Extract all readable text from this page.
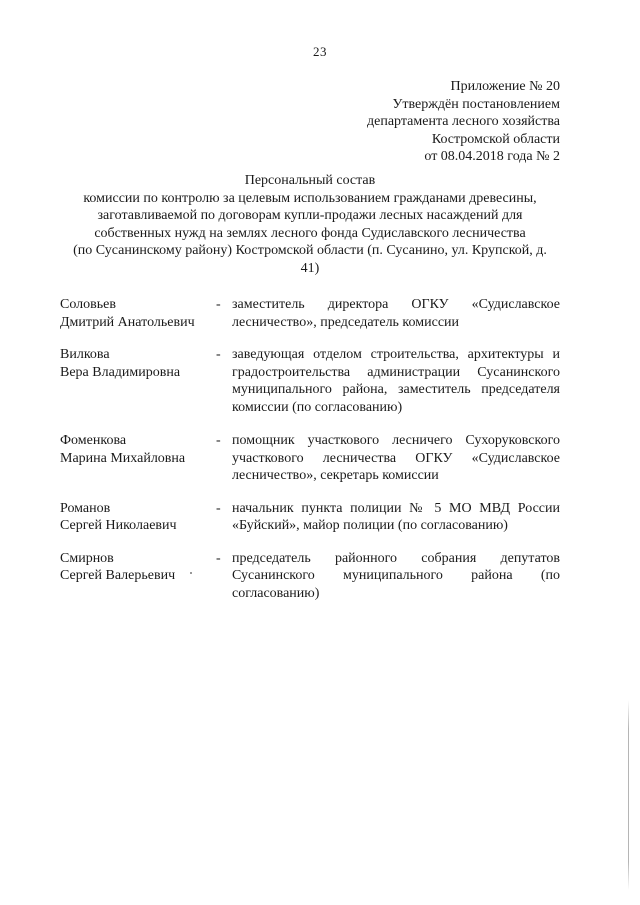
23
Приложение № 20
Утверждён постановлением
департамента лесного хозяйства
Костромской области
от 08.04.2018 года № 2
Персональный состав
комиссии по контролю за целевым использованием гражданами древесины,
заготавливаемой по договорам купли-продажи лесных насаждений для
собственных нужд на землях лесного фонда Судиславского лесничества
(по Сусанинскому району) Костромской области (п. Сусанино, ул. Крупской, д.
41)
Соловьев
Дмитрий Анатольевич
- заместитель директора ОГКУ «Судиславское лесничество», председатель комиссии
Вилкова
Вера Владимировна
- заведующая отделом строительства, архитектуры и градостроительства администрации Сусанинского муниципального района, заместитель председателя комиссии (по согласованию)
Фоменкова
Марина Михайловна
- помощник участкового лесничего Сухоруковского участкового лесничества ОГКУ «Судиславское лесничество», секретарь комиссии
Романов
Сергей Николаевич
- начальник пункта полиции № 5 МО МВД России «Буйский», майор полиции (по согласованию)
Смирнов
Сергей Валерьевич
- председатель районного собрания депутатов Сусанинского муниципального района (по согласованию)
